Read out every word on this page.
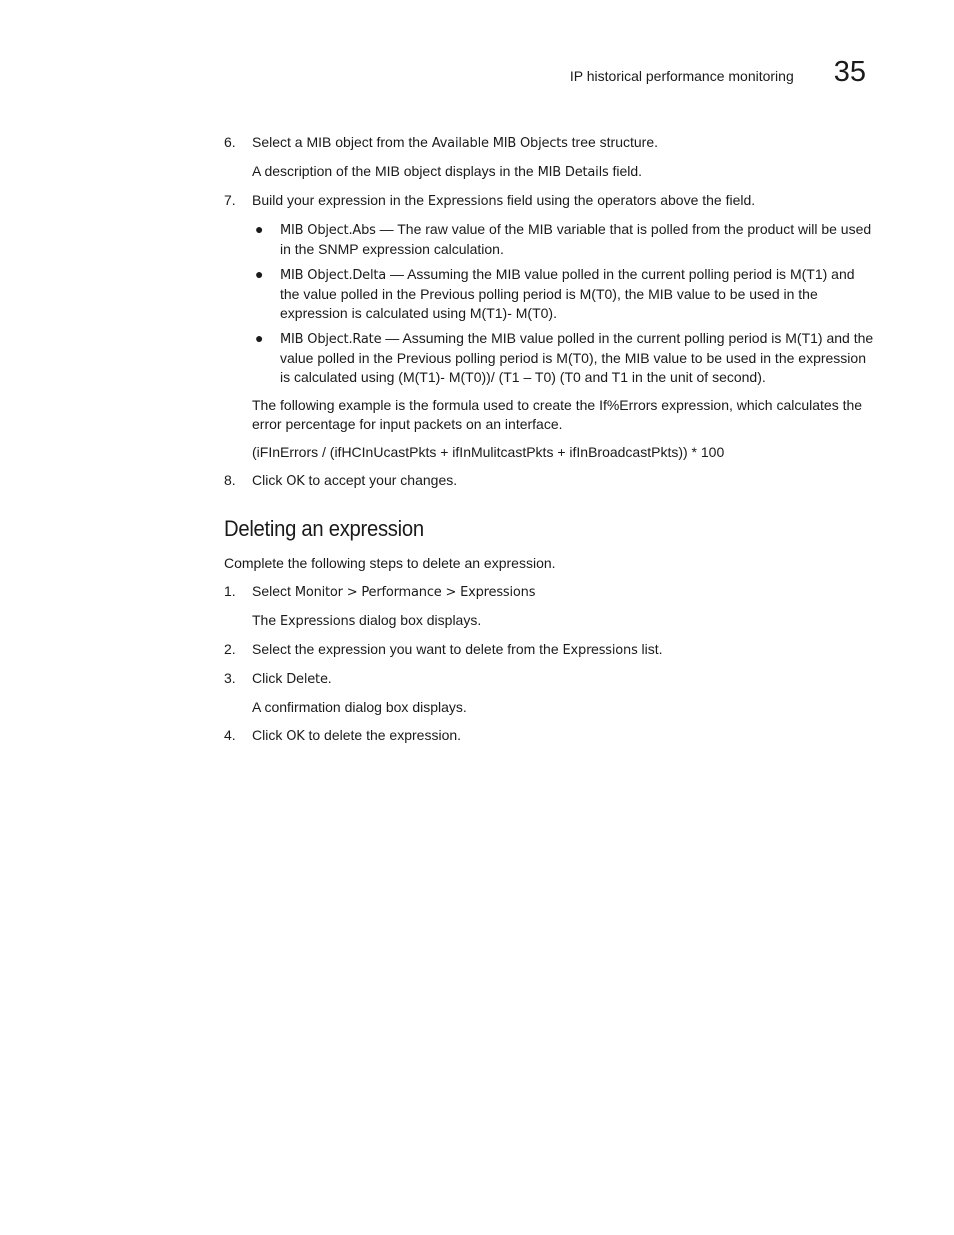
IP historical performance monitoring 35
6. Select a MIB object from the Available MIB Objects tree structure.
A description of the MIB object displays in the MIB Details field.
7. Build your expression in the Expressions field using the operators above the field.
● MIB Object.Abs — The raw value of the MIB variable that is polled from the product will be used in the SNMP expression calculation.
● MIB Object.Delta — Assuming the MIB value polled in the current polling period is M(T1) and the value polled in the Previous polling period is M(T0), the MIB value to be used in the expression is calculated using M(T1)- M(T0).
● MIB Object.Rate — Assuming the MIB value polled in the current polling period is M(T1) and the value polled in the Previous polling period is M(T0), the MIB value to be used in the expression is calculated using (M(T1)- M(T0))/ (T1 – T0) (T0 and T1 in the unit of second).
The following example is the formula used to create the If%Errors expression, which calculates the error percentage for input packets on an interface.
(iFInErrors / (ifHCInUcastPkts + ifInMulitcastPkts + ifInBroadcastPkts)) * 100
8. Click OK to accept your changes.
Deleting an expression
Complete the following steps to delete an expression.
1. Select Monitor > Performance > Expressions
The Expressions dialog box displays.
2. Select the expression you want to delete from the Expressions list.
3. Click Delete.
A confirmation dialog box displays.
4. Click OK to delete the expression.
